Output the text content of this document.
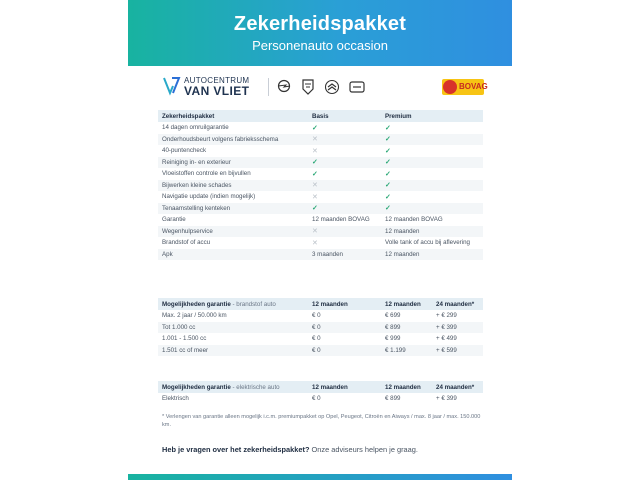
Zekerheidspakket
Personenauto occasion
AUTOCENTRUM
VAN VLIET	BOVAG
Zekerheidspakket	Basis	Premium
14 dagen omruilgarantie	✓	✓
Onderhoudsbeurt volgens fabrieksschema	✕	✓
40-puntencheck	✕	✓
Reiniging in- en exterieur	✓	✓
Vloeistoffen controle en bijvullen	✓	✓
Bijwerken kleine schades	✕	✓
Navigatie update (indien mogelijk)	✕	✓
Tenaamstelling kenteken	✓	✓
Garantie	12 maanden BOVAG	12 maanden BOVAG
Wegenhulpservice	✕	12 maanden
Brandstof of accu	✕	Volle tank of accu bij aflevering
Apk	3 maanden	12 maanden
Mogelijkheden garantie - brandstof auto	12 maanden	12 maanden	24 maanden*
Max. 2 jaar / 50.000 km	€ 0	€ 699	+ € 299
Tot 1.000 cc	€ 0	€ 899	+ € 399
1.001 - 1.500 cc	€ 0	€ 999	+ € 499
1.501 cc of meer	€ 0	€ 1.199	+ € 599
Mogelijkheden garantie - elektrische auto	12 maanden	12 maanden	24 maanden*
Elektrisch	€ 0	€ 899	+ € 399
* Verlengen van garantie alleen mogelijk i.c.m. premiumpakket op Opel, Peugeot, Citroën en Aiways / max. 8 jaar / max. 150.000 km.
Heb je vragen over het zekerheidspakket? Onze adviseurs helpen je graag.
